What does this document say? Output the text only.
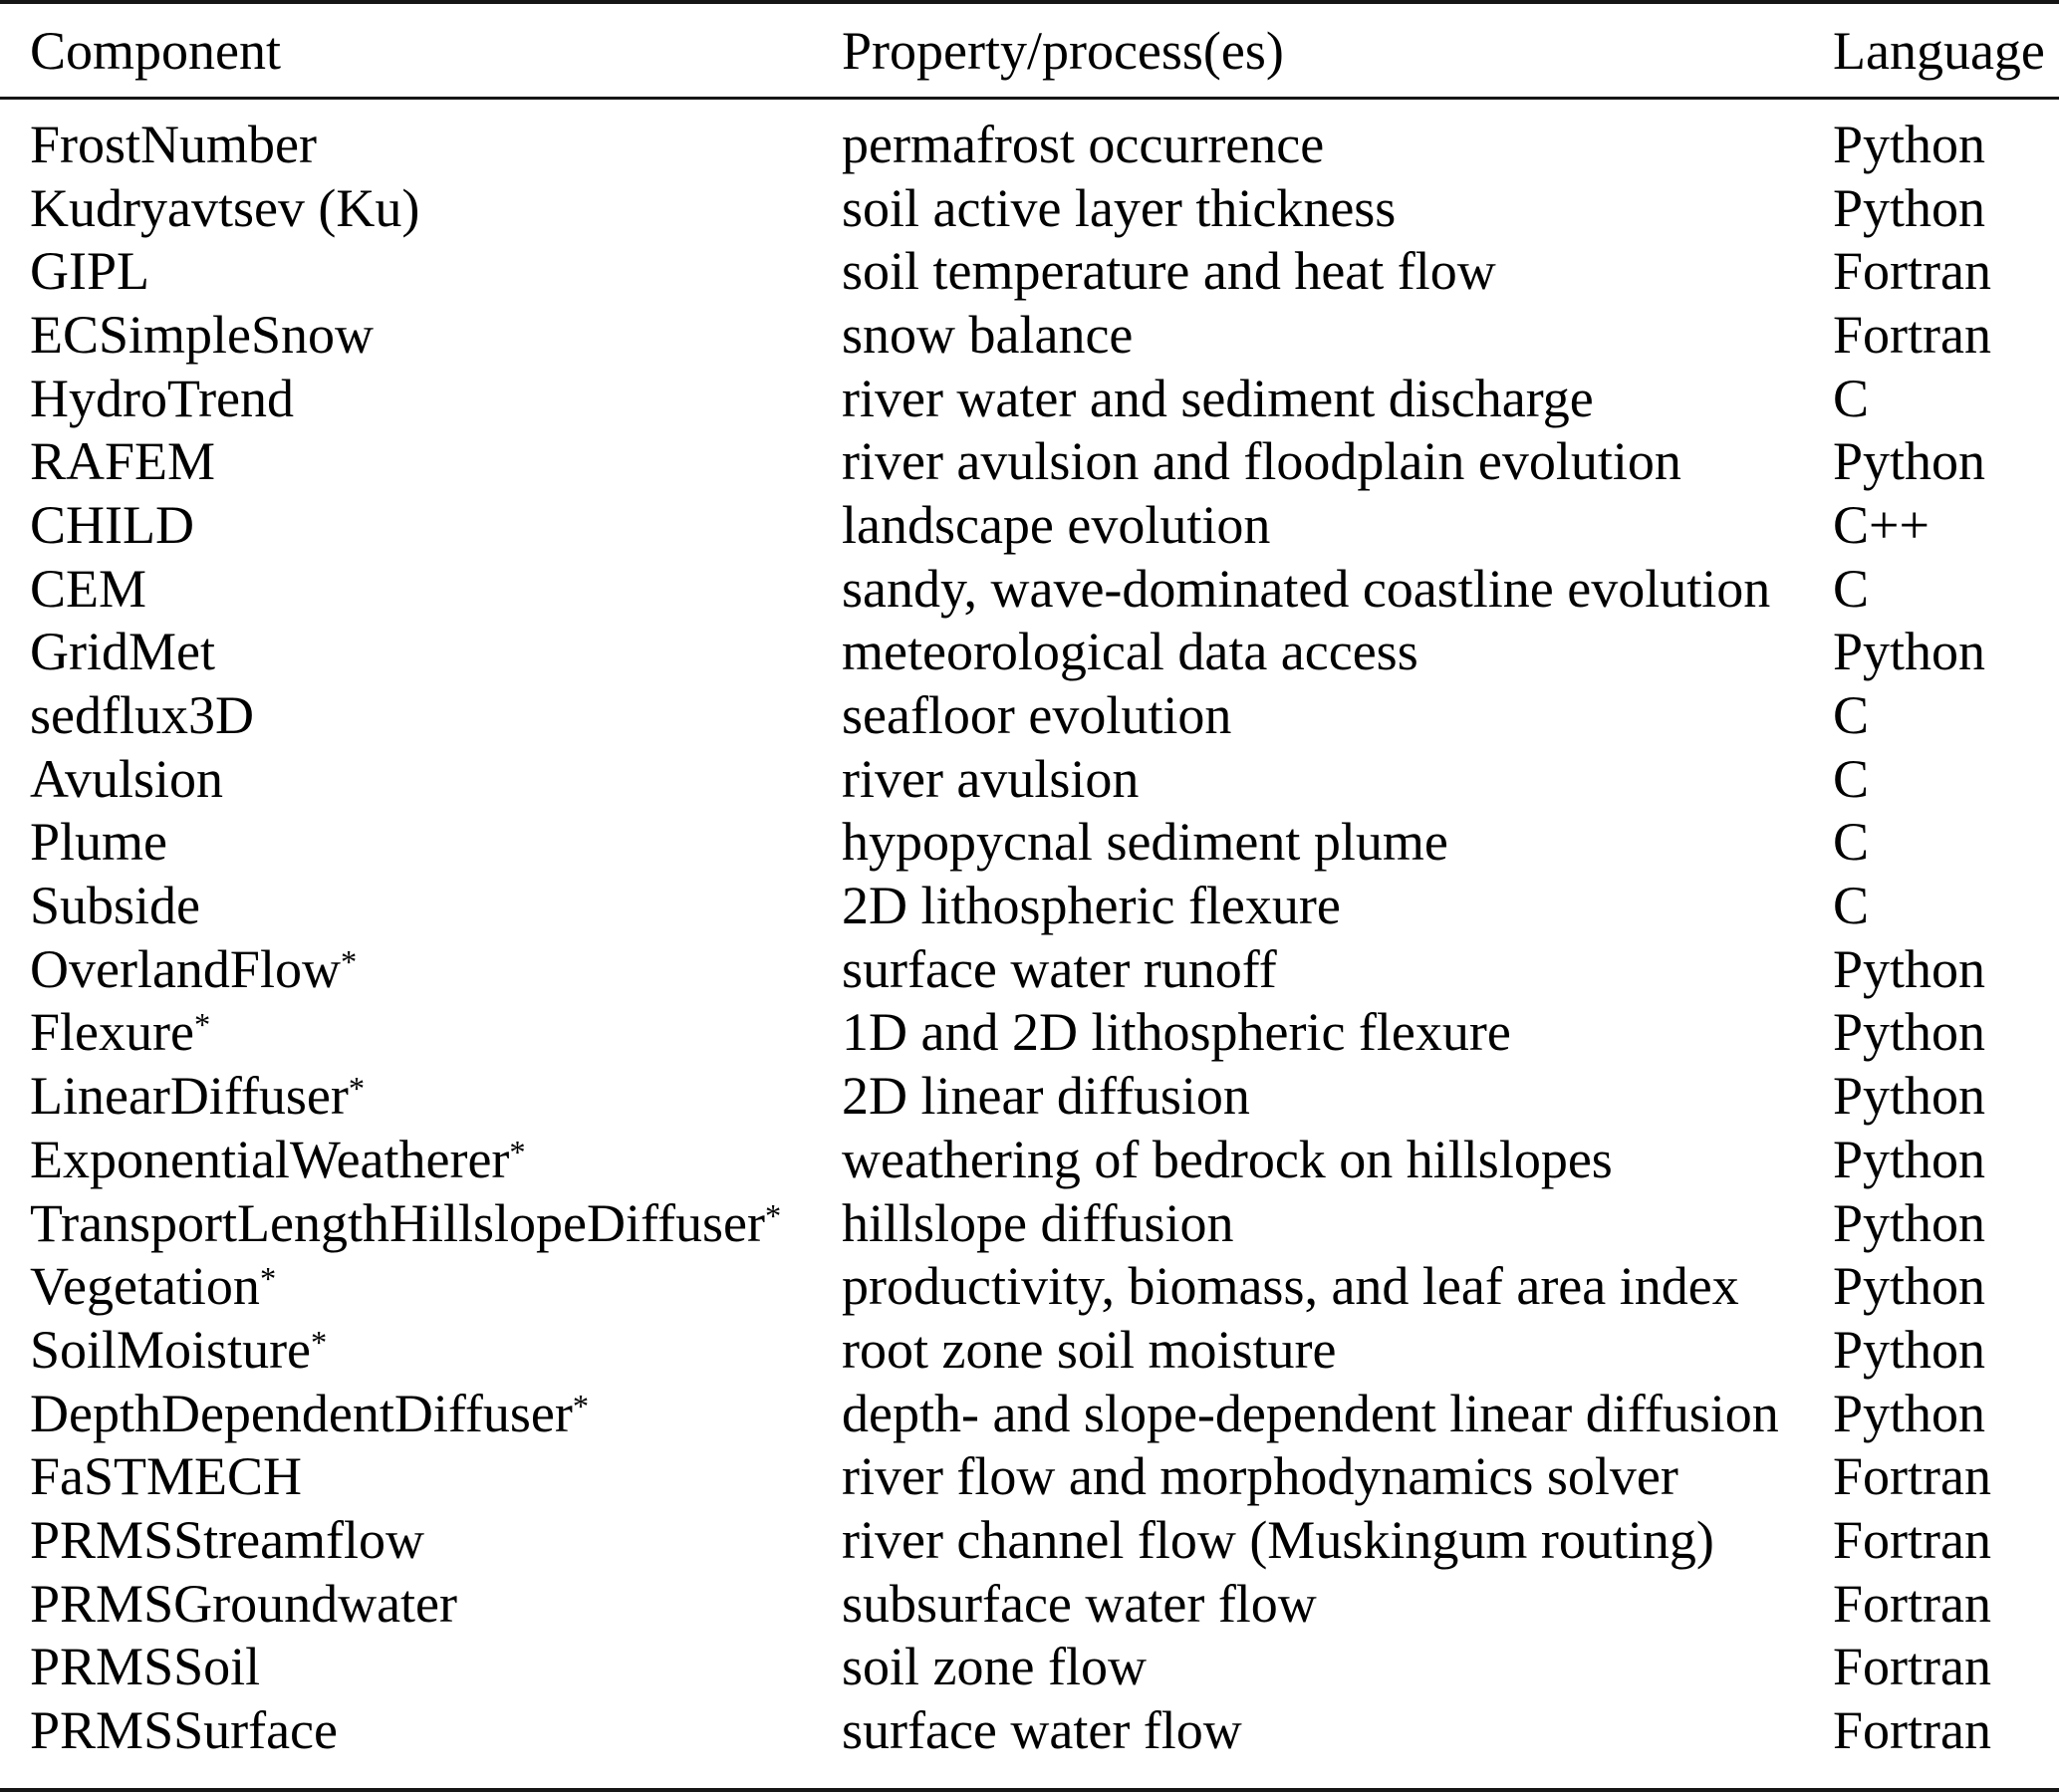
Component	Property/process(es)	Language
FrostNumber	permafrost occurrence	Python
Kudryavtsev (Ku)	soil active layer thickness	Python
GIPL	soil temperature and heat flow	Fortran
ECSimpleSnow	snow balance	Fortran
HydroTrend	river water and sediment discharge	C
RAFEM	river avulsion and floodplain evolution	Python
CHILD	landscape evolution	C++
CEM	sandy, wave-dominated coastline evolution	C
GridMet	meteorological data access	Python
sedflux3D	seafloor evolution	C
Avulsion	river avulsion	C
Plume	hypopycnal sediment plume	C
Subside	2D lithospheric flexure	C
OverlandFlow*	surface water runoff	Python
Flexure*	1D and 2D lithospheric flexure	Python
LinearDiffuser*	2D linear diffusion	Python
ExponentialWeatherer*	weathering of bedrock on hillslopes	Python
TransportLengthHillslopeDiffuser*	hillslope diffusion	Python
Vegetation*	productivity, biomass, and leaf area index	Python
SoilMoisture*	root zone soil moisture	Python
DepthDependentDiffuser*	depth- and slope-dependent linear diffusion	Python
FaSTMECH	river flow and morphodynamics solver	Fortran
PRMSStreamflow	river channel flow (Muskingum routing)	Fortran
PRMSGroundwater	subsurface water flow	Fortran
PRMSSoil	soil zone flow	Fortran
PRMSSurface	surface water flow	Fortran
